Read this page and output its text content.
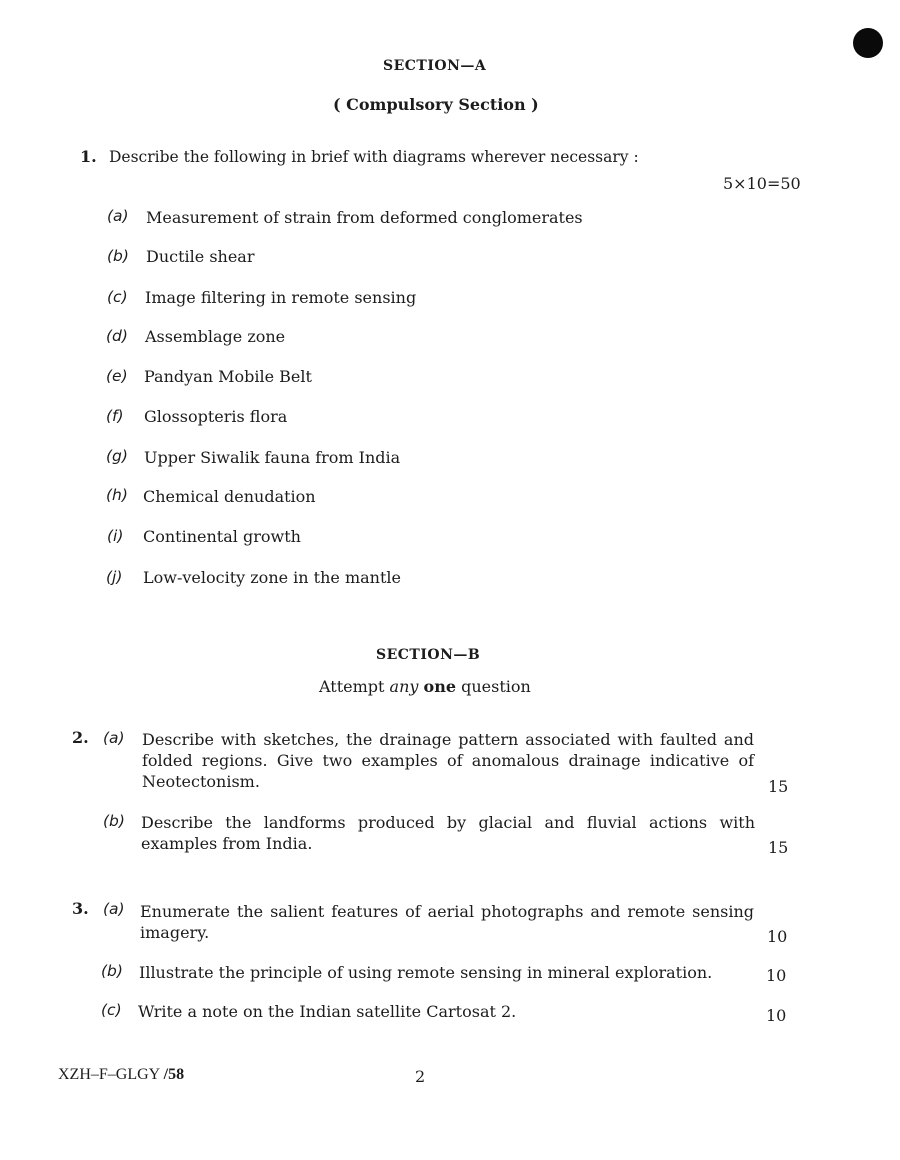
SECTION—A
( Compulsory Section )
1. Describe the following in brief with diagrams wherever necessary :
5×10=50
(a) Measurement of strain from deformed conglomerates
(b) Ductile shear
(c) Image filtering in remote sensing
(d) Assemblage zone
(e) Pandyan Mobile Belt
(f) Glossopteris flora
(g) Upper Siwalik fauna from India
(h) Chemical denudation
(i) Continental growth
(j) Low-velocity zone in the mantle
SECTION—B
Attempt any one question
2. (a) Describe with sketches, the drainage pattern associated with faulted and folded regions. Give two examples of anomalous drainage indicative of Neotectonism.	15
(b) Describe the landforms produced by glacial and fluvial actions with examples from India.	15
3. (a) Enumerate the salient features of aerial photographs and remote sensing imagery.	10
(b) Illustrate the principle of using remote sensing in mineral exploration.	10
(c) Write a note on the Indian satellite Cartosat 2.	10
XZH–F–GLGY /58	2
